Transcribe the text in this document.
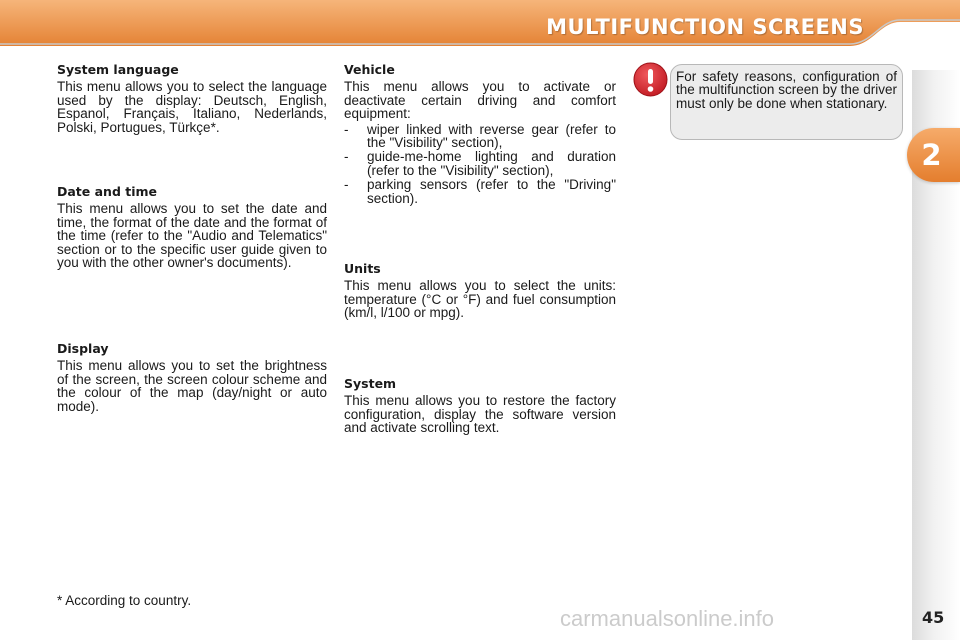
MULTIFUNCTION SCREENS
2
System language

This menu allows you to select the language used by the display: Deutsch, English, Espanol, Français, Italiano, Nederlands, Polski, Portugues, Türkçe*.

Date and time

This menu allows you to set the date and time, the format of the date and the format of the time (refer to the "Audio and Telematics" section or to the specific user guide given to you with the other owner's documents).

Display

This menu allows you to set the brightness of the screen, the screen colour scheme and the colour of the map (day/night or auto mode).

Vehicle

This menu allows you to activate or deactivate certain driving and comfort equipment:

- wiper linked with reverse gear (refer to the "Visibility" section),
- guide-me-home lighting and duration (refer to the "Visibility" section),
- parking sensors (refer to the "Driving" section).
Units

This menu allows you to select the units: temperature (°C or °F) and fuel consumption (km/l, l/100 or mpg).

System

This menu allows you to restore the factory configuration, display the software version and activate scrolling text.

For safety reasons, configuration of the multifunction screen by the driver must only be done when stationary.
* According to country.
carmanualsonline.info	45
